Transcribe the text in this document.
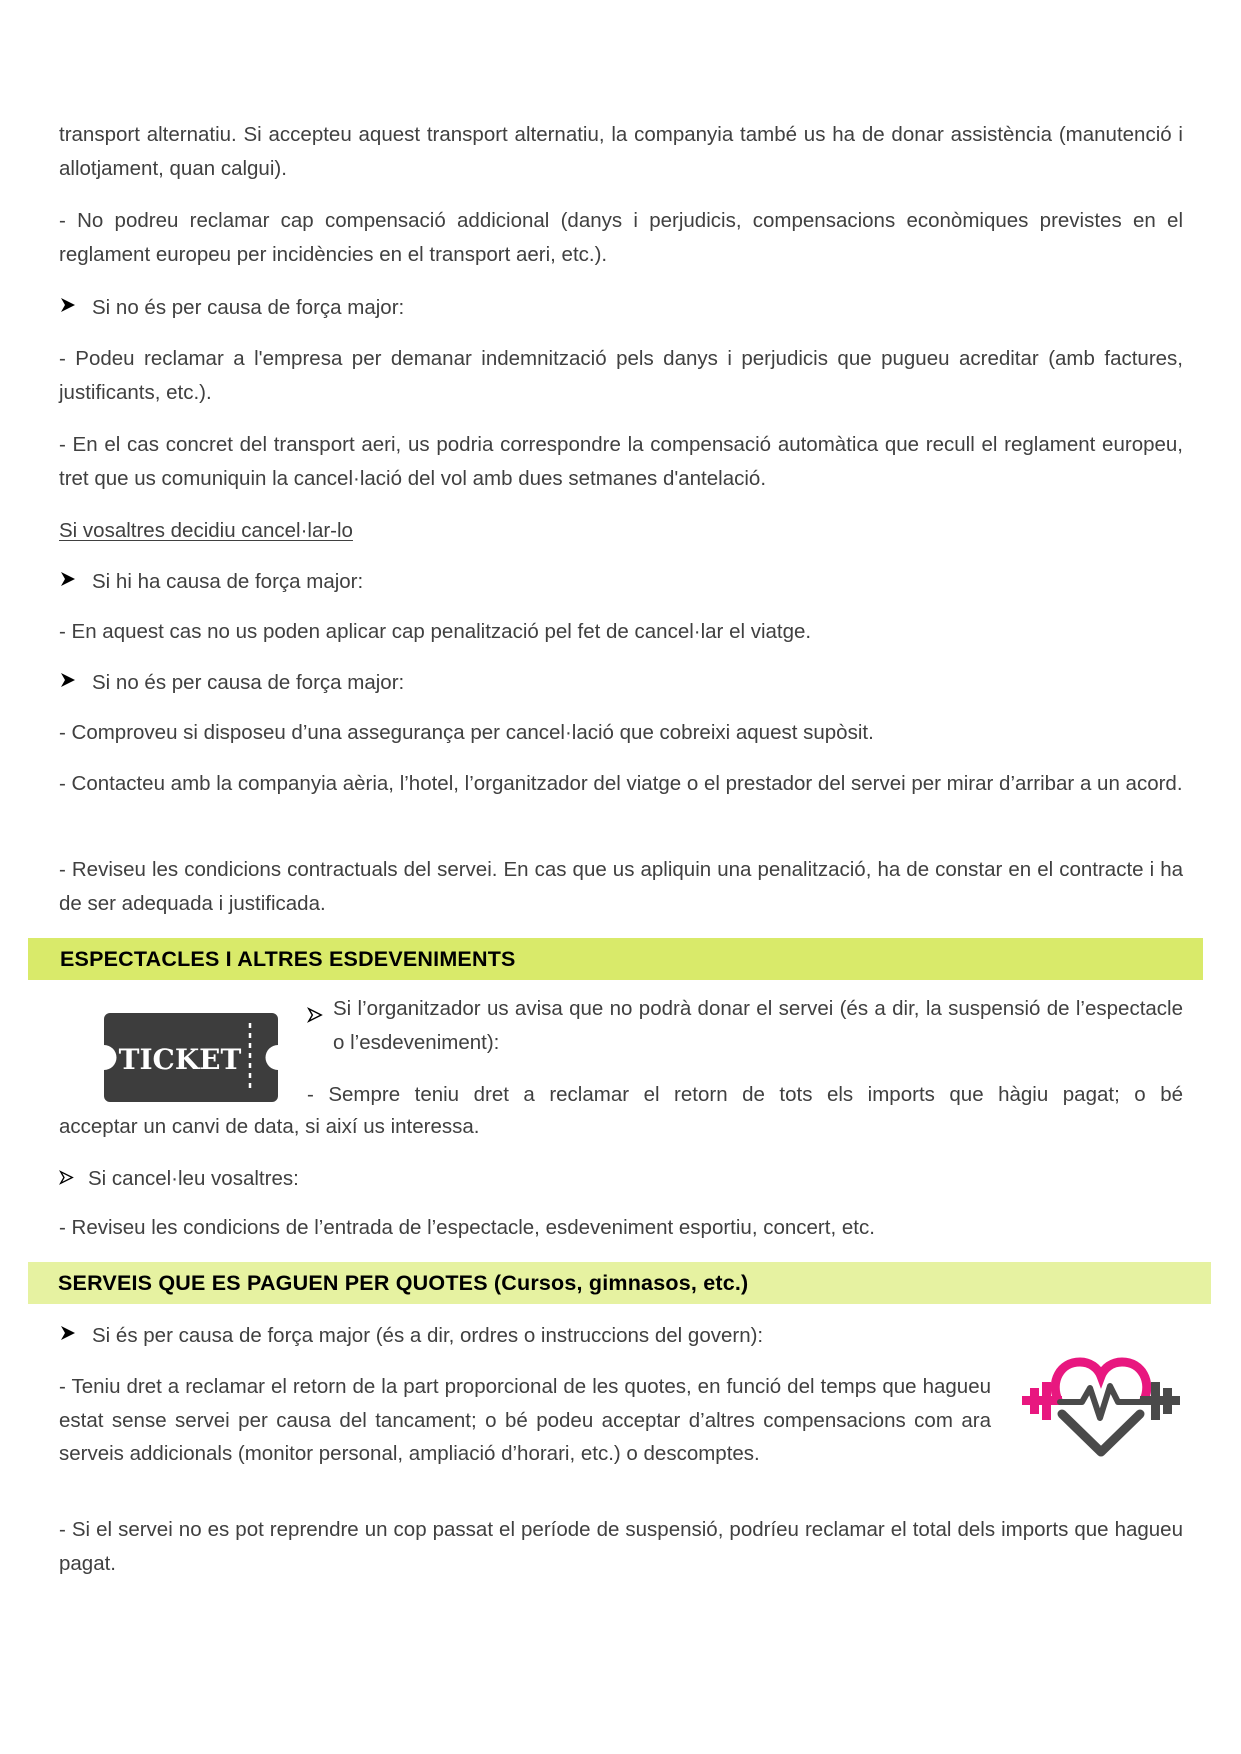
transport alternatiu. Si accepteu aquest transport alternatiu, la companyia també us ha de donar assistència (manutenció i allotjament, quan calgui).

- No podreu reclamar cap compensació addicional (danys i perjudicis, compensacions econòmiques previstes en el reglament europeu per incidències en el transport aeri, etc.).

Si no és per causa de força major:

- Podeu reclamar a l'empresa per demanar indemnització pels danys i perjudicis que pugueu acreditar (amb factures, justificants, etc.).

- En el cas concret del transport aeri, us podria correspondre la compensació automàtica que recull el reglament europeu, tret que us comuniquin la cancel·lació del vol amb dues setmanes d'antelació.

Si vosaltres decidiu cancel·lar-lo

Si hi ha causa de força major:

- En aquest cas no us poden aplicar cap penalització pel fet de cancel·lar el viatge.

Si no és per causa de força major:

- Comproveu si disposeu d’una assegurança per cancel·lació que cobreixi aquest supòsit.

- Contacteu amb la companyia aèria, l’hotel, l’organitzador del viatge o el prestador del servei per mirar d’arribar a un acord.

- Reviseu les condicions contractuals del servei. En cas que us apliquin una penalització, ha de constar en el contracte i ha de ser adequada i justificada.

ESPECTACLES I ALTRES ESDEVENIMENTS
TICKET
Si l’organitzador us avisa que no podrà donar el servei (és a dir, la suspensió de l’espectacle o l’esdeveniment):

- Sempre teniu dret a reclamar el retorn de tots els imports que hàgiu pagat; o bé

acceptar un canvi de data, si així us interessa.

Si cancel·leu vosaltres:

- Reviseu les condicions de l’entrada de l’espectacle, esdeveniment esportiu, concert, etc.

SERVEIS QUE ES PAGUEN PER QUOTES (Cursos, gimnasos, etc.)
Si és per causa de força major (és a dir, ordres o instruccions del govern):

- Teniu dret a reclamar el retorn de la part proporcional de les quotes, en funció del temps que hagueu estat sense servei per causa del tancament; o bé podeu acceptar d’altres compensacions com ara serveis addicionals (monitor personal, ampliació d’horari, etc.) o descomptes.

- Si el servei no es pot reprendre un cop passat el període de suspensió, podríeu reclamar el total dels imports que hagueu pagat.
